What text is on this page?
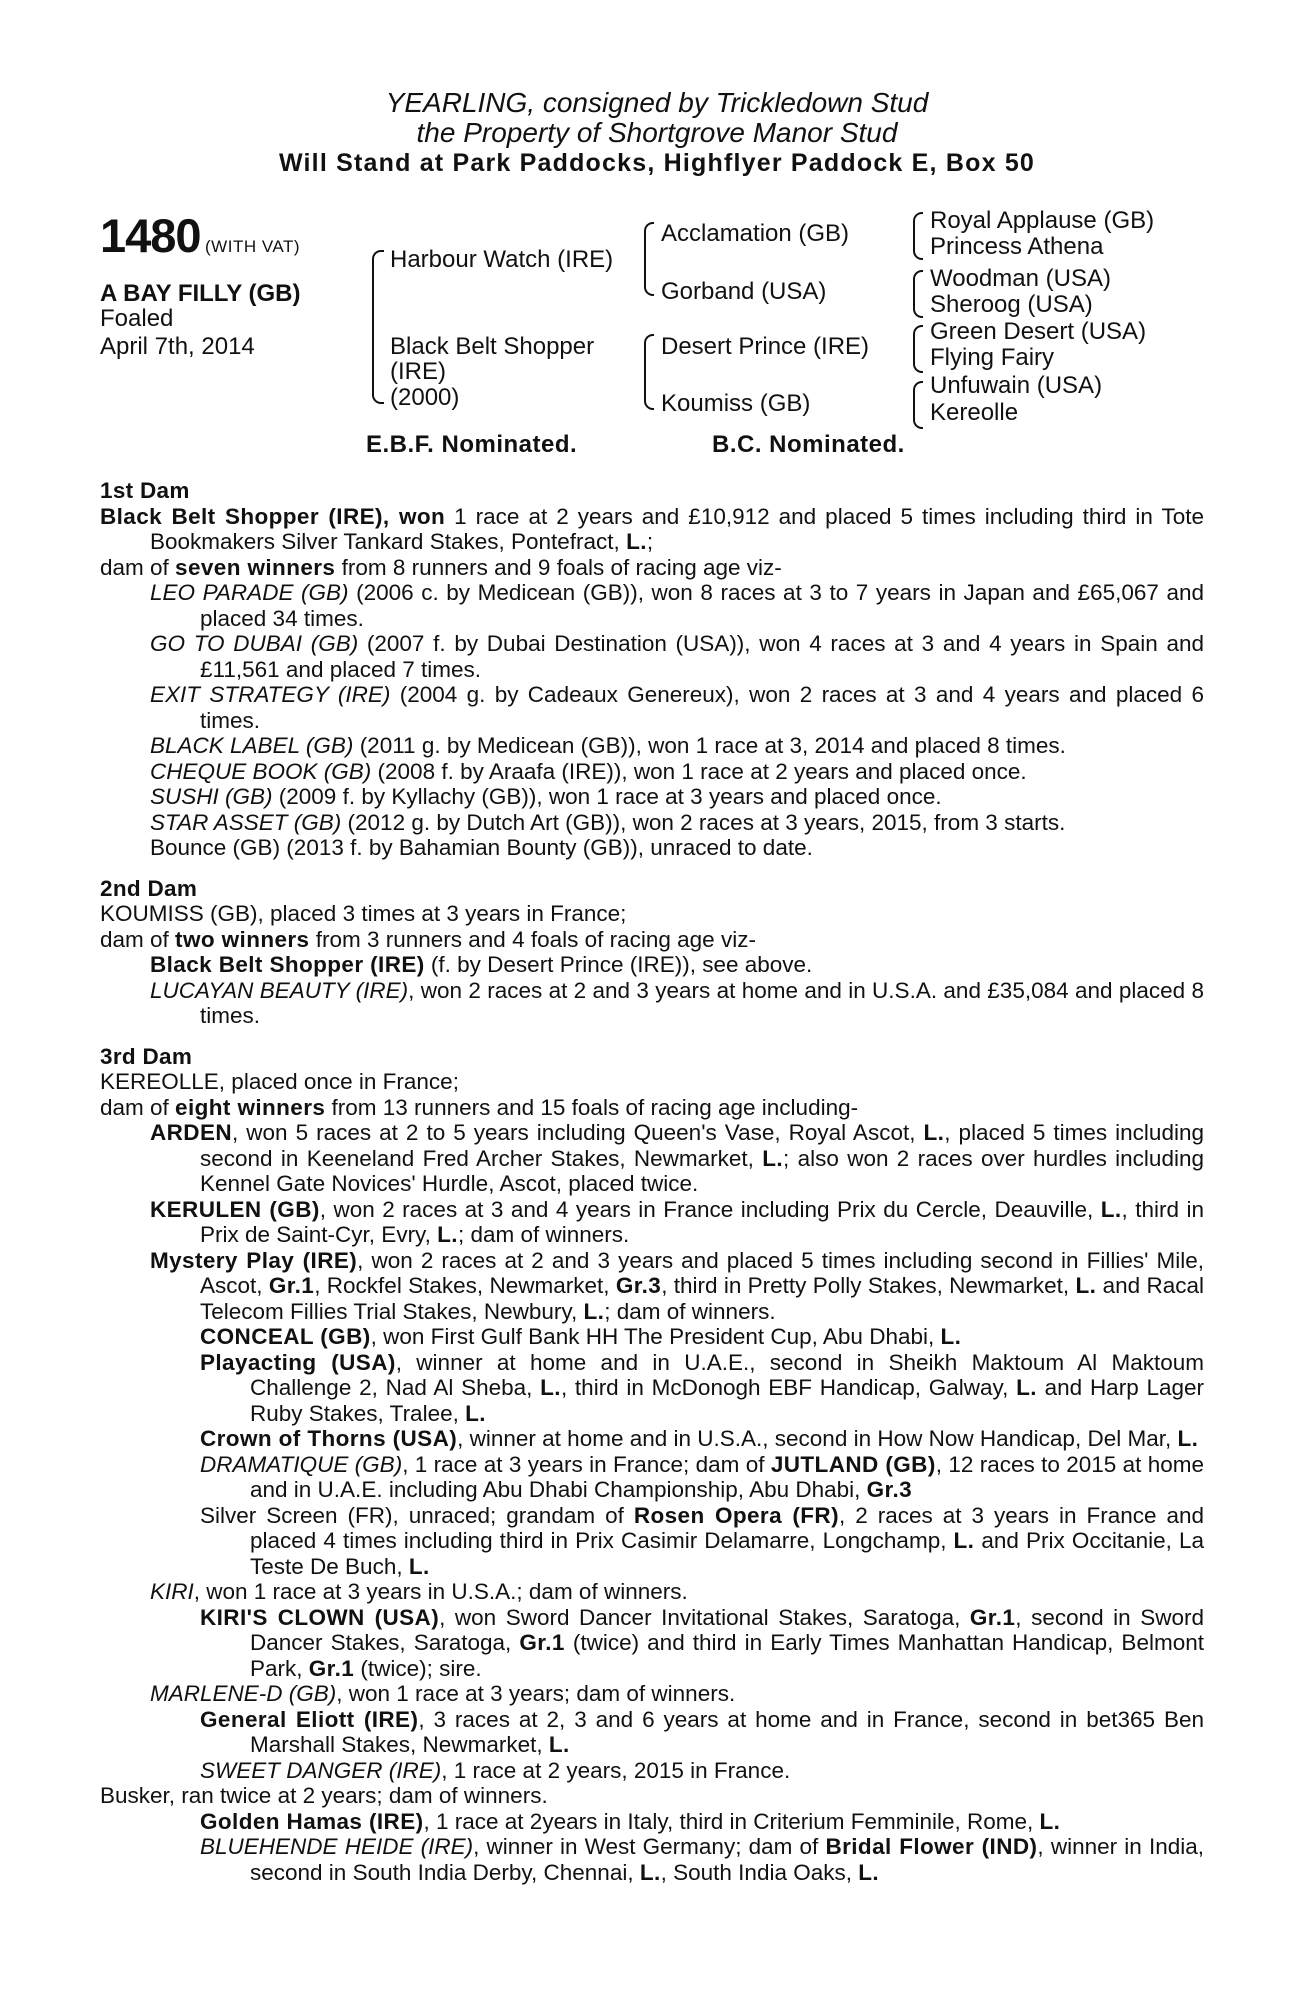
YEARLING, consigned by Trickledown Stud
the Property of Shortgrove Manor Stud
Will Stand at Park Paddocks, Highflyer Paddock E, Box 50
1480 (WITH VAT)
A BAY FILLY (GB)
Foaled
April 7th, 2014
Harbour Watch (IRE)
Black Belt Shopper
(IRE)
(2000)
Acclamation (GB)
Gorband (USA)
Desert Prince (IRE)
Koumiss (GB)
Royal Applause (GB)
Princess Athena
Woodman (USA)
Sheroog (USA)
Green Desert (USA)
Flying Fairy
Unfuwain (USA)
Kereolle
E.B.F. Nominated.	B.C. Nominated.
1st Dam
Black Belt Shopper (IRE), won 1 race at 2 years and £10,912 and placed 5 times including third in Tote Bookmakers Silver Tankard Stakes, Pontefract, L.;
dam of seven winners from 8 runners and 9 foals of racing age viz-
LEO PARADE (GB) (2006 c. by Medicean (GB)), won 8 races at 3 to 7 years in Japan and £65,067 and placed 34 times.
GO TO DUBAI (GB) (2007 f. by Dubai Destination (USA)), won 4 races at 3 and 4 years in Spain and £11,561 and placed 7 times.
EXIT STRATEGY (IRE) (2004 g. by Cadeaux Genereux), won 2 races at 3 and 4 years and placed 6 times.
BLACK LABEL (GB) (2011 g. by Medicean (GB)), won 1 race at 3, 2014 and placed 8 times.
CHEQUE BOOK (GB) (2008 f. by Araafa (IRE)), won 1 race at 2 years and placed once.
SUSHI (GB) (2009 f. by Kyllachy (GB)), won 1 race at 3 years and placed once.
STAR ASSET (GB) (2012 g. by Dutch Art (GB)), won 2 races at 3 years, 2015, from 3 starts.
Bounce (GB) (2013 f. by Bahamian Bounty (GB)), unraced to date.
2nd Dam
KOUMISS (GB), placed 3 times at 3 years in France;
dam of two winners from 3 runners and 4 foals of racing age viz-
Black Belt Shopper (IRE) (f. by Desert Prince (IRE)), see above.
LUCAYAN BEAUTY (IRE), won 2 races at 2 and 3 years at home and in U.S.A. and £35,084 and placed 8 times.
3rd Dam
KEREOLLE, placed once in France;
dam of eight winners from 13 runners and 15 foals of racing age including-
ARDEN, won 5 races at 2 to 5 years including Queen's Vase, Royal Ascot, L., placed 5 times including second in Keeneland Fred Archer Stakes, Newmarket, L.; also won 2 races over hurdles including Kennel Gate Novices' Hurdle, Ascot, placed twice.
KERULEN (GB), won 2 races at 3 and 4 years in France including Prix du Cercle, Deauville, L., third in Prix de Saint-Cyr, Evry, L.; dam of winners.
Mystery Play (IRE), won 2 races at 2 and 3 years and placed 5 times including second in Fillies' Mile, Ascot, Gr.1, Rockfel Stakes, Newmarket, Gr.3, third in Pretty Polly Stakes, Newmarket, L. and Racal Telecom Fillies Trial Stakes, Newbury, L.; dam of winners.
CONCEAL (GB), won First Gulf Bank HH The President Cup, Abu Dhabi, L.
Playacting (USA), winner at home and in U.A.E., second in Sheikh Maktoum Al Maktoum Challenge 2, Nad Al Sheba, L., third in McDonogh EBF Handicap, Galway, L. and Harp Lager Ruby Stakes, Tralee, L.
Crown of Thorns (USA), winner at home and in U.S.A., second in How Now Handicap, Del Mar, L.
DRAMATIQUE (GB), 1 race at 3 years in France; dam of JUTLAND (GB), 12 races to 2015 at home and in U.A.E. including Abu Dhabi Championship, Abu Dhabi, Gr.3
Silver Screen (FR), unraced; grandam of Rosen Opera (FR), 2 races at 3 years in France and placed 4 times including third in Prix Casimir Delamarre, Longchamp, L. and Prix Occitanie, La Teste De Buch, L.
KIRI, won 1 race at 3 years in U.S.A.; dam of winners.
KIRI'S CLOWN (USA), won Sword Dancer Invitational Stakes, Saratoga, Gr.1, second in Sword Dancer Stakes, Saratoga, Gr.1 (twice) and third in Early Times Manhattan Handicap, Belmont Park, Gr.1 (twice); sire.
MARLENE-D (GB), won 1 race at 3 years; dam of winners.
General Eliott (IRE), 3 races at 2, 3 and 6 years at home and in France, second in bet365 Ben Marshall Stakes, Newmarket, L.
SWEET DANGER (IRE), 1 race at 2 years, 2015 in France.
Busker, ran twice at 2 years; dam of winners.
Golden Hamas (IRE), 1 race at 2years in Italy, third in Criterium Femminile, Rome, L.
BLUEHENDE HEIDE (IRE), winner in West Germany; dam of Bridal Flower (IND), winner in India, second in South India Derby, Chennai, L., South India Oaks, L.
